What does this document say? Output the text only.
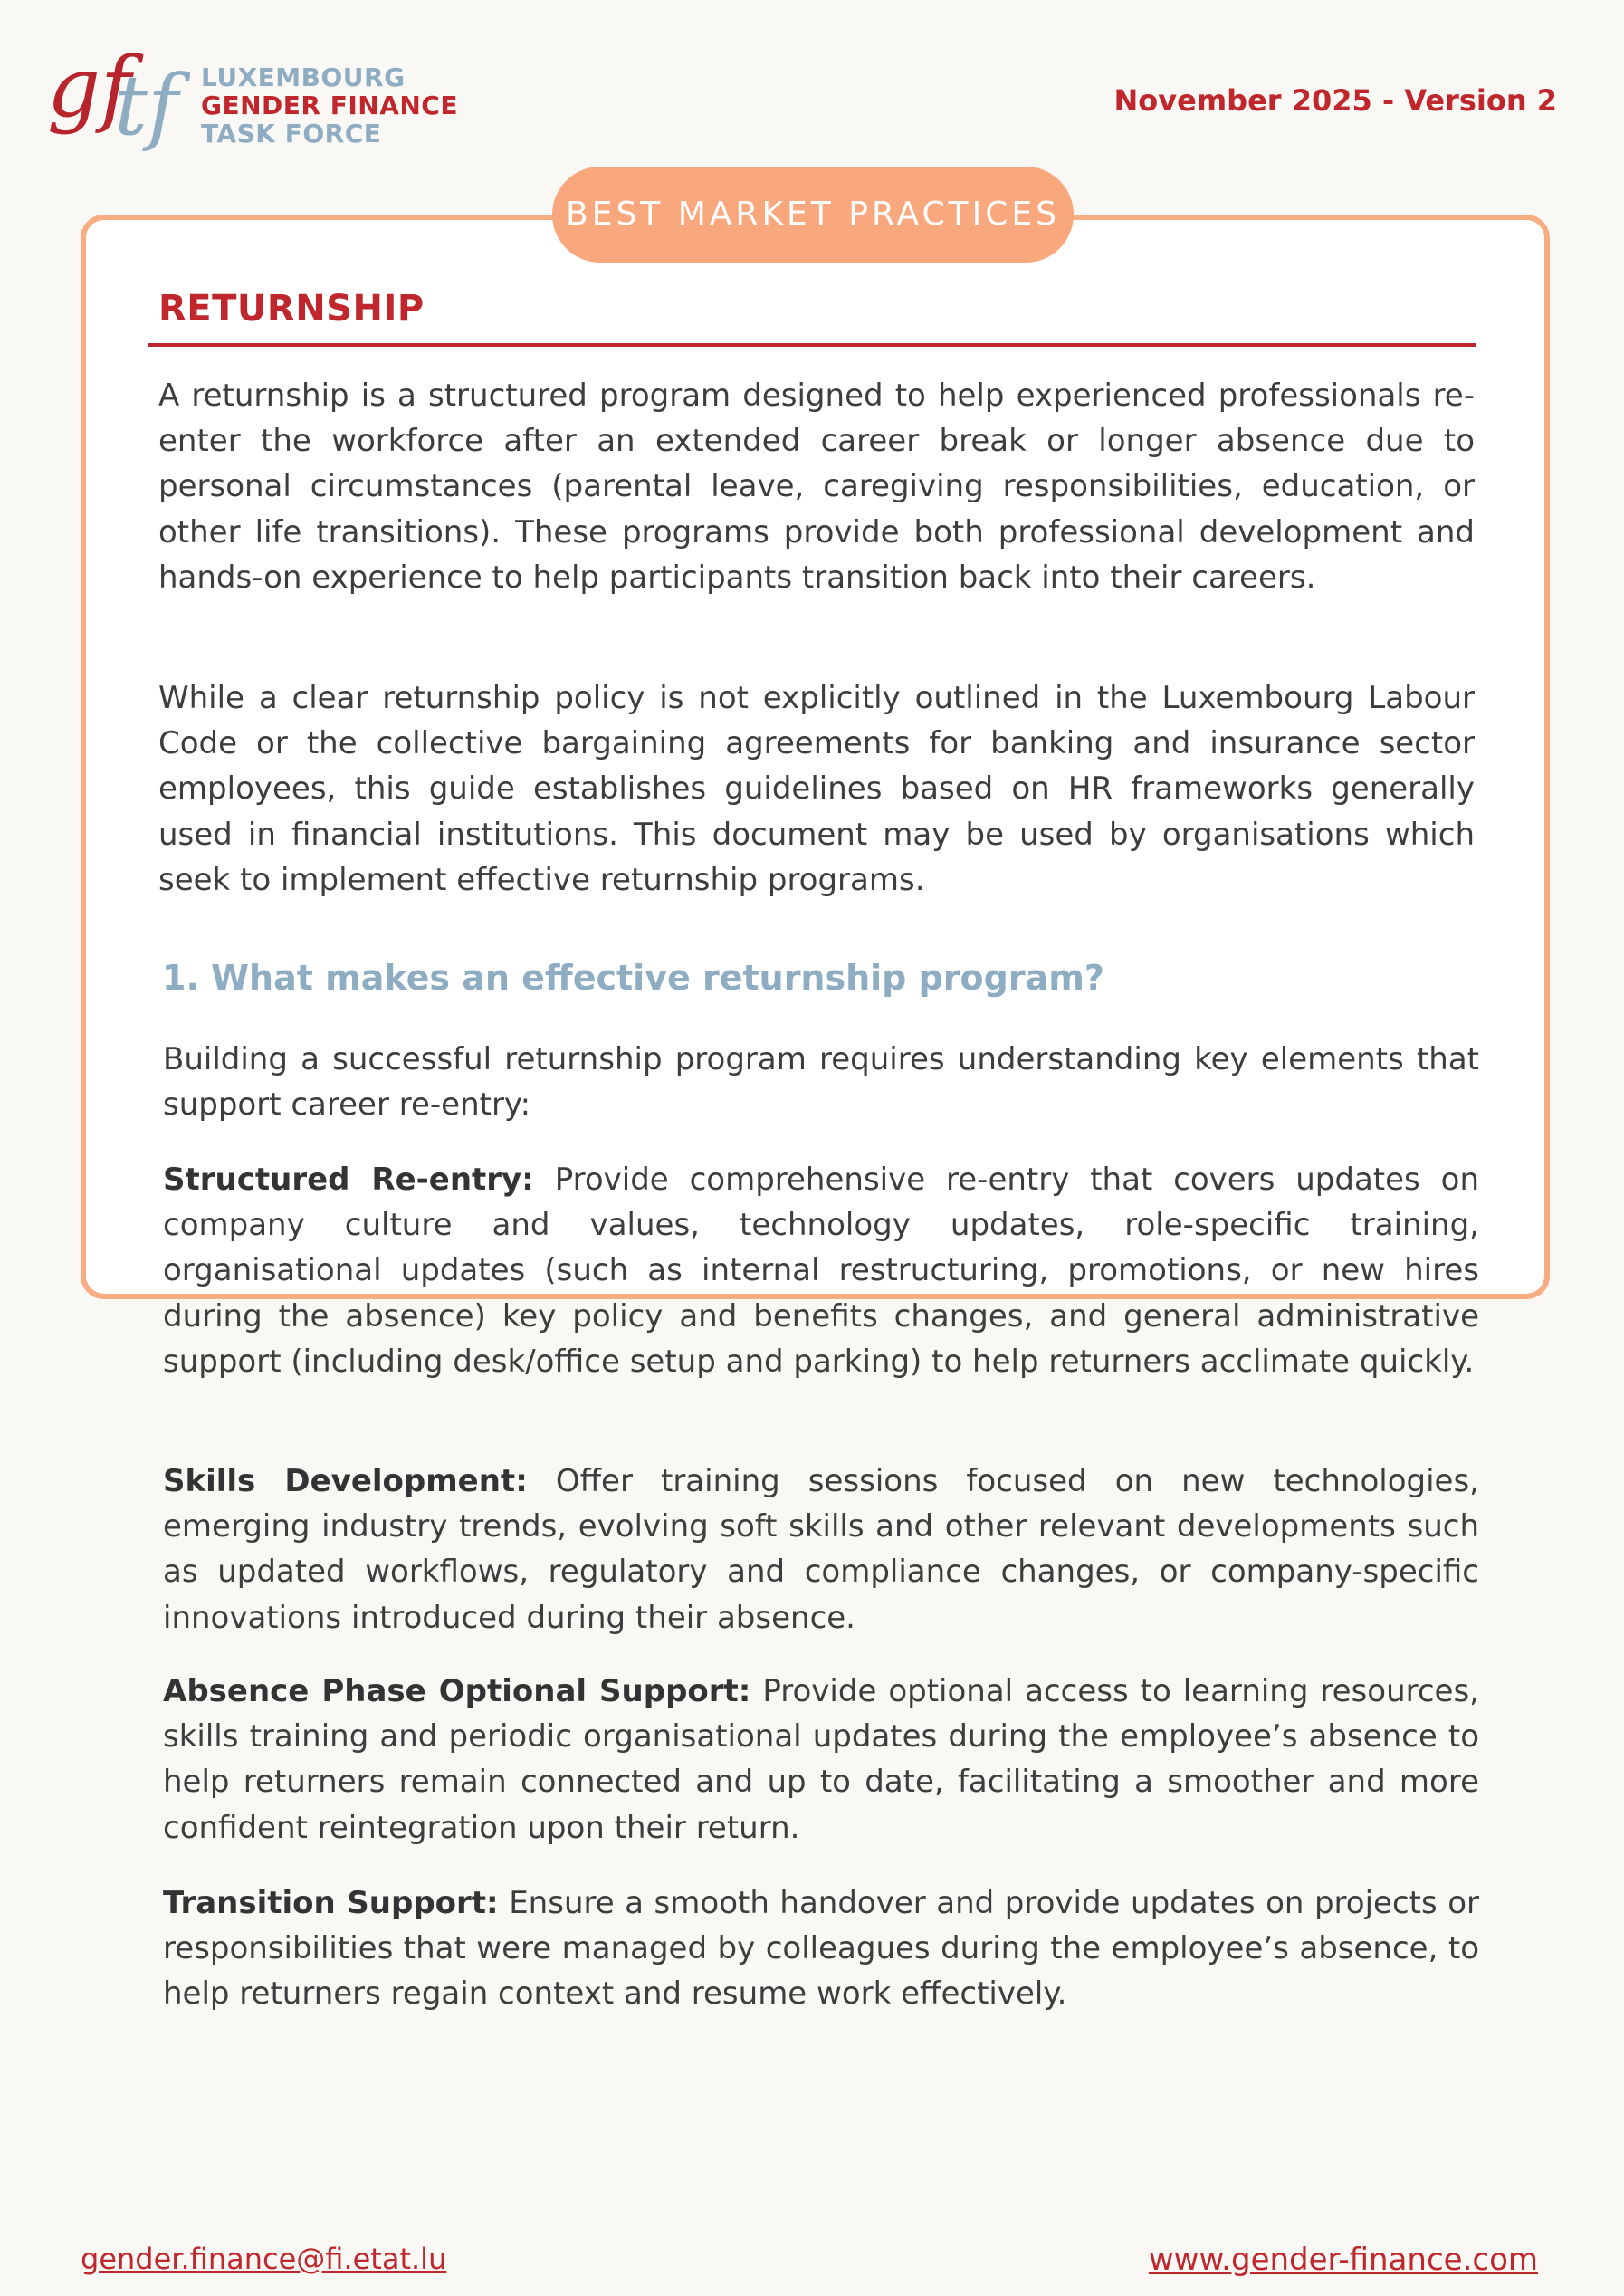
gf
tf LUXEMBOURG
GENDER FINANCE
TASK FORCE
November 2025 - Version 2
BEST MARKET PRACTICES
RETURNSHIP
A returnship is a structured program designed to help experienced professionals re-enter the workforce after an extended career break or longer absence due to personal circumstances (parental leave, caregiving responsibilities, education, or other life transitions). These programs provide both professional development and hands-on experience to help participants transition back into their careers.
While a clear returnship policy is not explicitly outlined in the Luxembourg Labour Code or the collective bargaining agreements for banking and insurance sector employees, this guide establishes guidelines based on HR frameworks generally used in financial institutions. This document may be used by organisations which seek to implement effective returnship programs.
1. What makes an effective returnship program?
Building a successful returnship program requires understanding key elements that support career re-entry:
Structured Re-entry: Provide comprehensive re-entry that covers updates on company culture and values, technology updates, role-specific training, organisational updates (such as internal restructuring, promotions, or new hires during the absence) key policy and benefits changes, and general administrative support (including desk/office setup and parking) to help returners acclimate quickly.
Skills Development: Offer training sessions focused on new technologies, emerging industry trends, evolving soft skills and other relevant developments such as updated workflows, regulatory and compliance changes, or company-specific innovations introduced during their absence.
Absence Phase Optional Support: Provide optional access to learning resources, skills training and periodic organisational updates during the employee’s absence to help returners remain connected and up to date, facilitating a smoother and more confident reintegration upon their return.
Transition Support: Ensure a smooth handover and provide updates on projects or responsibilities that were managed by colleagues during the employee’s absence, to help returners regain context and resume work effectively.
gender.finance@fi.etat.lu	www.gender-finance.com
